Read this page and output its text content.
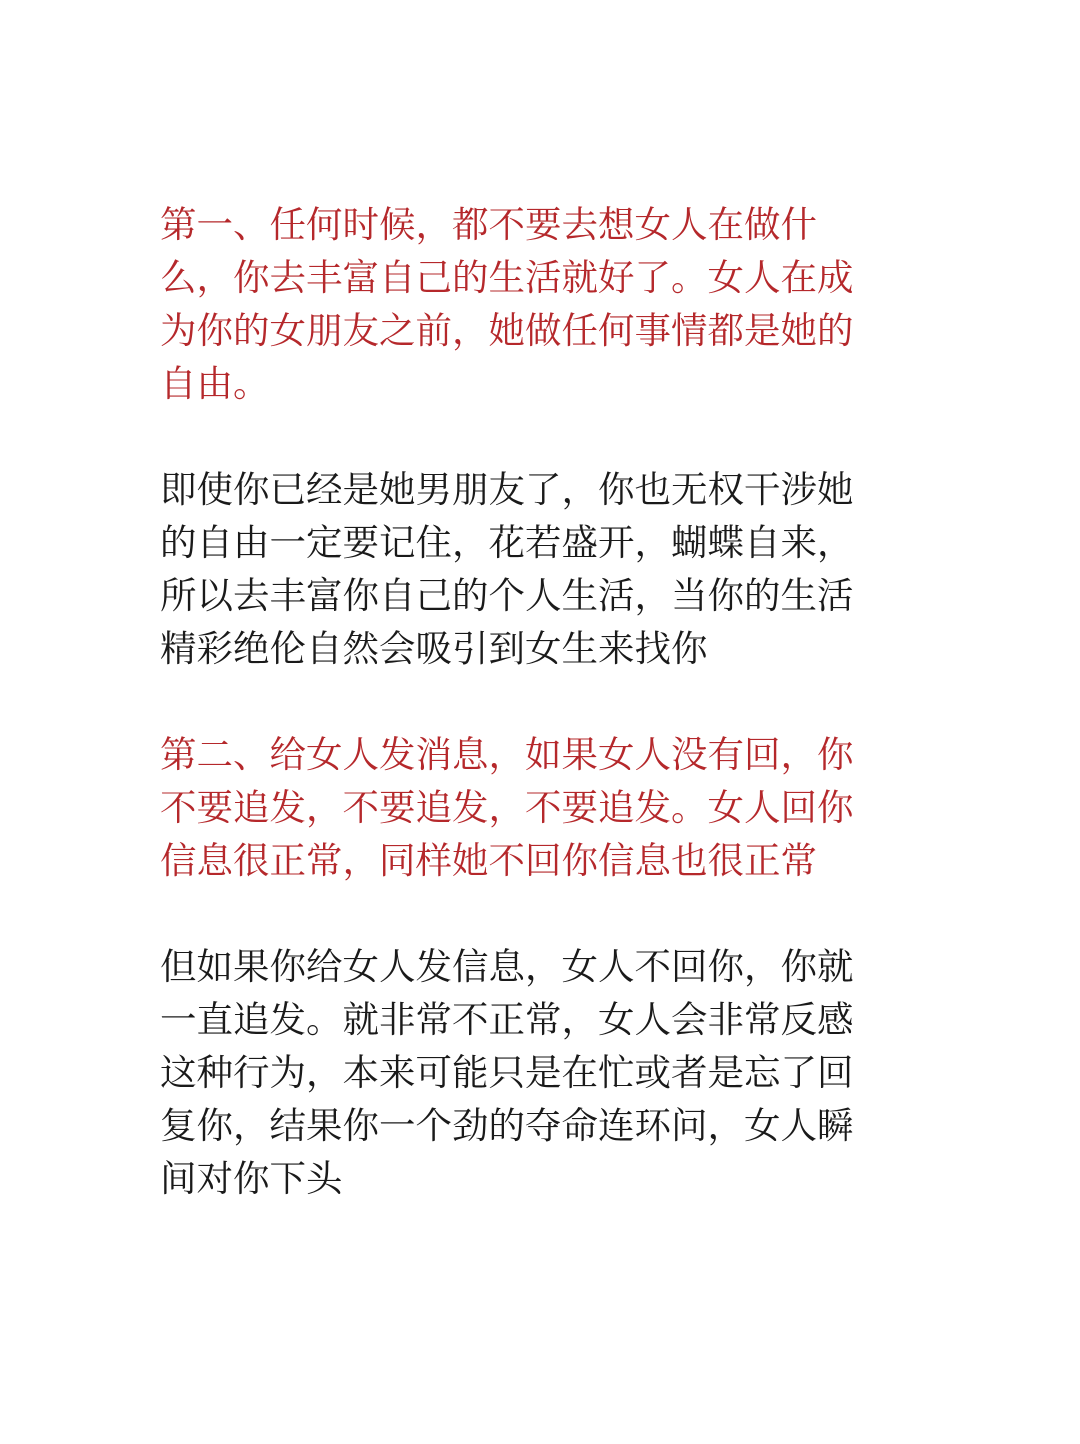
第一、任何时候，都不要去想女人在做什
么，你去丰富自己的生活就好了。女人在成
为你的女朋友之前，她做任何事情都是她的
自由。

即使你已经是她男朋友了，你也无权干涉她
的自由一定要记住，花若盛开，蝴蝶自来，
所以去丰富你自己的个人生活，当你的生活
精彩绝伦自然会吸引到女生来找你

第二、给女人发消息，如果女人没有回，你
不要追发，不要追发，不要追发。女人回你
信息很正常，同样她不回你信息也很正常

但如果你给女人发信息，女人不回你，你就
一直追发。就非常不正常，女人会非常反感
这种行为，本来可能只是在忙或者是忘了回
复你，结果你一个劲的夺命连环问，女人瞬
间对你下头
